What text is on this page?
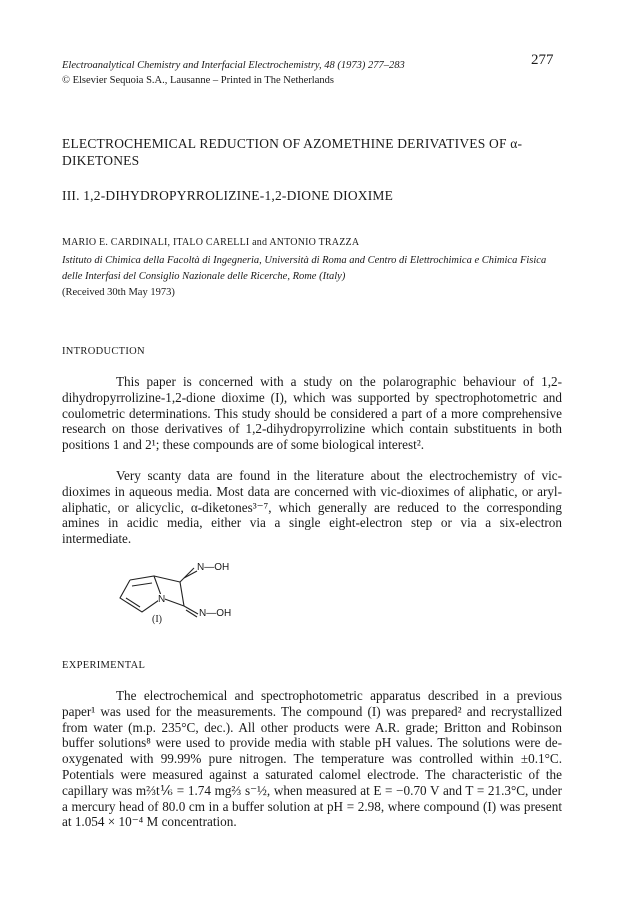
Electroanalytical Chemistry and Interfacial Electrochemistry, 48 (1973) 277–283
© Elsevier Sequoia S.A., Lausanne – Printed in The Netherlands
277
ELECTROCHEMICAL REDUCTION OF AZOMETHINE DERIVATIVES OF α-DIKETONES
III. 1,2-DIHYDROPYRROLIZINE-1,2-DIONE DIOXIME
MARIO E. CARDINALI, ITALO CARELLI and ANTONIO TRAZZA
Istituto di Chimica della Facoltà di Ingegneria, Università di Roma and Centro di Elettrochimica e Chimica Fisica delle Interfasi del Consiglio Nazionale delle Ricerche, Rome (Italy)
(Received 30th May 1973)
INTRODUCTION
This paper is concerned with a study on the polarographic behaviour of 1,2-dihydropyrrolizine-1,2-dione dioxime (I), which was supported by spectrophotometric and coulometric determinations. This study should be considered a part of a more comprehensive research on those derivatives of 1,2-dihydropyrrolizine which contain substituents in both positions 1 and 2¹; these compounds are of some biological interest².
Very scanty data are found in the literature about the electrochemistry of vic-dioximes in aqueous media. Most data are concerned with vic-dioximes of aliphatic, or aryl-aliphatic, or alicyclic, α-diketones³⁻⁷, which generally are reduced to the corresponding amines in acidic media, either via a single eight-electron step or via a six-electron intermediate.
N—OH
N—OH
N
(I)
EXPERIMENTAL
The electrochemical and spectrophotometric apparatus described in a previous paper¹ was used for the measurements. The compound (I) was prepared² and recrystallized from water (m.p. 235°C, dec.). All other products were A.R. grade; Britton and Robinson buffer solutions⁸ were used to provide media with stable pH values. The solutions were de-oxygenated with 99.99% pure nitrogen. The temperature was controlled within ±0.1°C. Potentials were measured against a saturated calomel electrode. The characteristic of the capillary was m⅔t⅙ = 1.74 mg⅔ s⁻½, when measured at E = −0.70 V and T = 21.3°C, under a mercury head of 80.0 cm in a buffer solution at pH = 2.98, where compound (I) was present at 1.054 × 10⁻⁴ M concentration.
